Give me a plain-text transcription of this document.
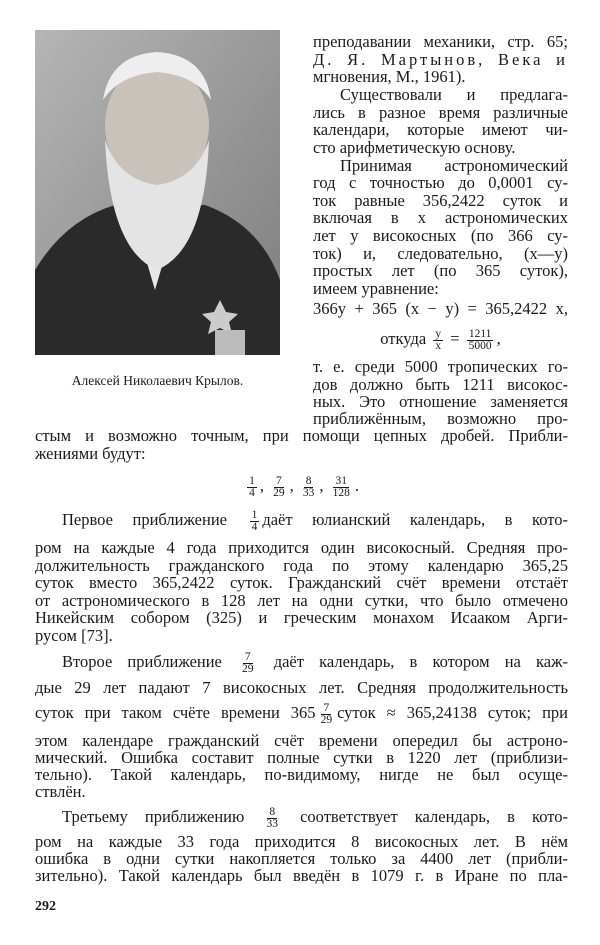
Алексей Николаевич Крылов.
преподавании механики, стр. 65;
Д. Я. Мартынов, Века и
мгновения, М., 1961).
Существовали и предлага-
лись в разное время различные
календари, которые имеют чи-
сто арифметическую основу.
Принимая астрономический
год с точностью до 0,0001 су-
ток равные 356,2422 суток и
включая в x астрономических
лет y високосных (по 366 су-
ток) и, следовательно, (x—y)
простых лет (по 365 суток),
имеем уравнение:
366y + 365 (x − y) = 365,2422 x,
откуда $\frac{y}{x} = \frac{1211}{5000}$ ,
т. е. среди 5000 тропических го-
дов должно быть 1211 високос-
ных. Это отношение заменяется
приближённым, возможно про-
стым и возможно точным, при помощи цепных дробей. Прибли-
жениями будут:
$\frac{1}{4}$ , $\frac{7}{29}$ , $\frac{8}{33}$ , $\frac{31}{128}$ .
Первое приближение $\frac{1}{4}$ даёт юлианский календарь, в кото-
ром на каждые 4 года приходится один високосный. Средняя про-
должительность гражданского года по этому календарю 365,25
суток вместо 365,2422 суток. Гражданский счёт времени отстаёт
от астрономического в 128 лет на одни сутки, что было отмечено
Никейским собором (325) и греческим монахом Исааком Арги-
русом [73].
Второе приближение $\frac{7}{29}$ даёт календарь, в котором на каж-
дые 29 лет падают 7 високосных лет. Средняя продолжительность
суток при таком счёте времени $365 \frac{7}{29}$ суток ≈ 365,24138 суток; при
этом календаре гражданский счёт времени опередил бы астроно-
мический. Ошибка составит полные сутки в 1220 лет (приблизи-
тельно). Такой календарь, по-видимому, нигде не был осуще-
ствлён.
Третьему приближению $\frac{8}{33}$ соответствует календарь, в кото-
ром на каждые 33 года приходится 8 високосных лет. В нём
ошибка в одни сутки накопляется только за 4400 лет (прибли-
зительно). Такой календарь был введён в 1079 г. в Иране по пла-
292
